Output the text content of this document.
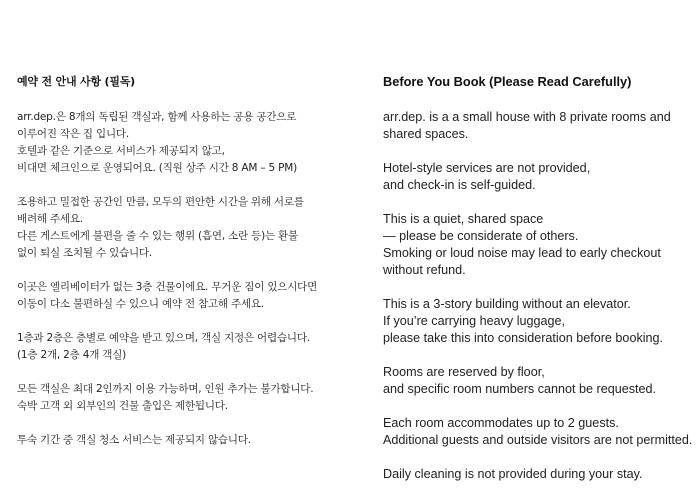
예약 전 안내 사항 (필독)
arr.dep.은 8개의 독립된 객실과, 함께 사용하는 공용 공간으로
이루어진 작은 집 입니다.
호텔과 같은 기준으로 서비스가 제공되지 않고,
비대면 체크인으로 운영되어요. (직원 상주 시간 8 AM – 5 PM)
조용하고 밀접한 공간인 만큼, 모두의 편안한 시간을 위해 서로를
배려해 주세요.
다른 게스트에게 불편을 줄 수 있는 행위 (흡연, 소란 등)는 환불
없이 퇴실 조치될 수 있습니다.
이곳은 엘리베이터가 없는 3층 건물이에요. 무거운 짐이 있으시다면
이동이 다소 불편하실 수 있으니 예약 전 참고해 주세요.
1층과 2층은 층별로 예약을 받고 있으며, 객실 지정은 어렵습니다.
(1층 2개, 2층 4개 객실)
모든 객실은 최대 2인까지 이용 가능하며, 인원 추가는 불가합니다.
숙박 고객 외 외부인의 건물 출입은 제한됩니다.
투숙 기간 중 객실 청소 서비스는 제공되지 않습니다.
Before You Book (Please Read Carefully)
arr.dep. is a a small house with 8 private rooms and
shared spaces.
Hotel-style services are not provided,
and check-in is self-guided.
This is a quiet, shared space
— please be considerate of others.
Smoking or loud noise may lead to early checkout
without refund.
This is a 3-story building without an elevator.
If you’re carrying heavy luggage,
please take this into consideration before booking.
Rooms are reserved by floor,
and specific room numbers cannot be requested.
Each room accommodates up to 2 guests.
Additional guests and outside visitors are not permitted.
Daily cleaning is not provided during your stay.
